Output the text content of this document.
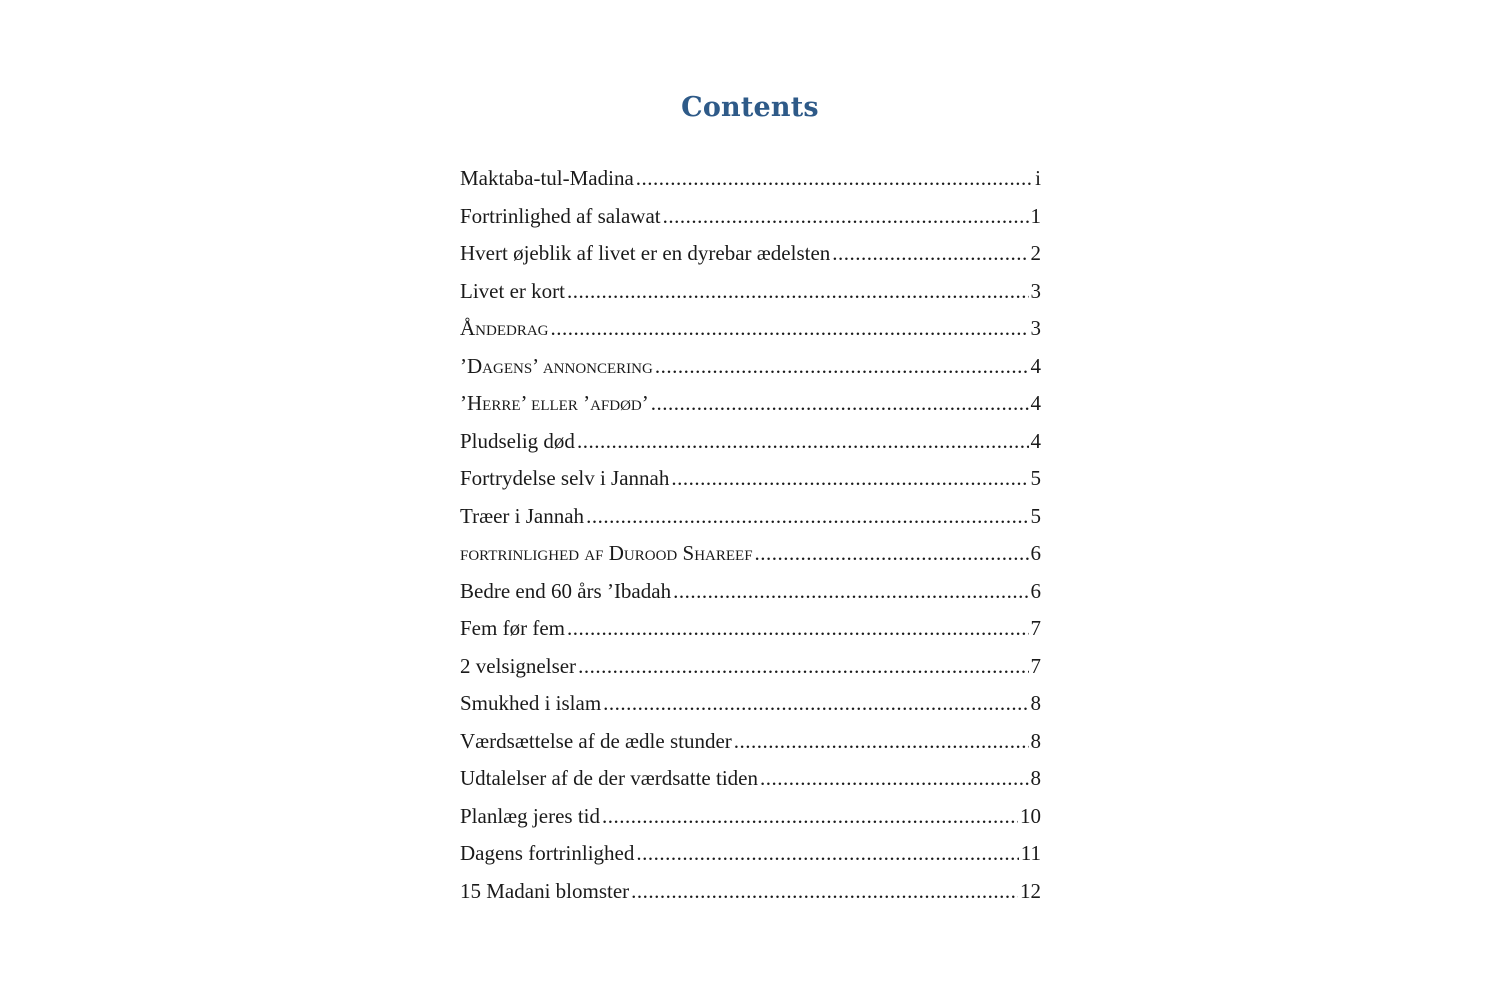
Contents
Maktaba-tul-Madina .....	i
Fortrinlighed af salawat .....	1
Hvert øjeblik af livet er en dyrebar ædelsten .....	2
Livet er kort .....	3
Åndedrag .....	3
’Dagens’ annoncering .....	4
’Herre’ eller ’afdød’ .....	4
Pludselig død .....	4
Fortrydelse selv i Jannah .....	5
Træer i Jannah .....	5
fortrinlighed af Durood Shareef .....	6
Bedre end 60 års ’Ibadah .....	6
Fem før fem .....	7
2 velsignelser .....	7
Smukhed i islam .....	8
Værdsættelse af de ædle stunder .....	8
Udtalelser af de der værdsatte tiden .....	8
Planlæg jeres tid .....	10
Dagens fortrinlighed .....	11
15 Madani blomster .....	12
